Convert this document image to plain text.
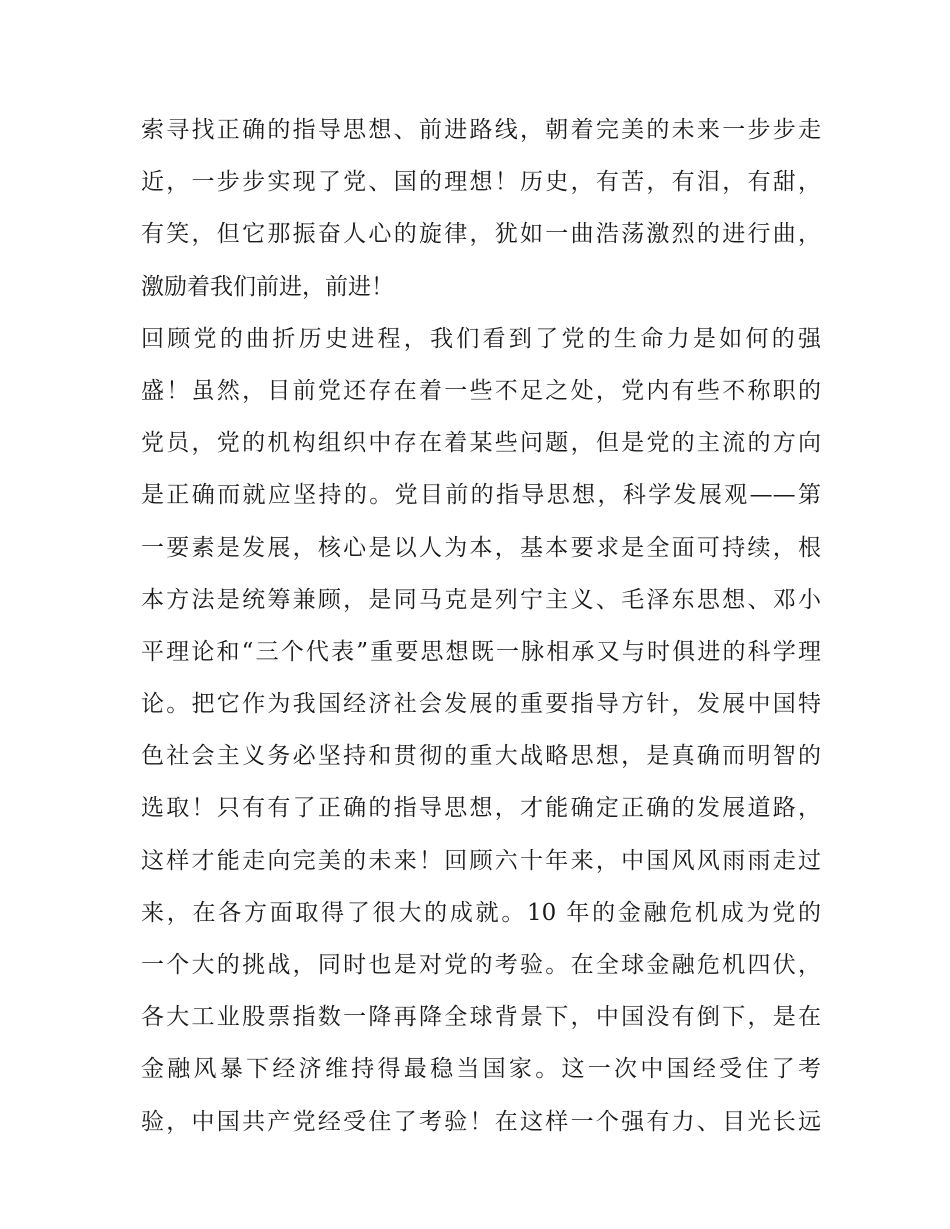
索寻找正确的指导思想、前进路线，朝着完美的未来一步步走
近，一步步实现了党、国的理想！历史，有苦，有泪，有甜，
有笑，但它那振奋人心的旋律，犹如一曲浩荡激烈的进行曲，
激励着我们前进，前进！
回顾党的曲折历史进程，我们看到了党的生命力是如何的强
盛！虽然，目前党还存在着一些不足之处，党内有些不称职的
党员，党的机构组织中存在着某些问题，但是党的主流的方向
是正确而就应坚持的。党目前的指导思想，科学发展观——第
一要素是发展，核心是以人为本，基本要求是全面可持续，根
本方法是统筹兼顾，是同马克是列宁主义、毛泽东思想、邓小
平理论和“三个代表”重要思想既一脉相承又与时俱进的科学理
论。把它作为我国经济社会发展的重要指导方针，发展中国特
色社会主义务必坚持和贯彻的重大战略思想，是真确而明智的
选取！只有有了正确的指导思想，才能确定正确的发展道路，
这样才能走向完美的未来！回顾六十年来，中国风风雨雨走过
来，在各方面取得了很大的成就。10 年的金融危机成为党的
一个大的挑战，同时也是对党的考验。在全球金融危机四伏，
各大工业股票指数一降再降全球背景下，中国没有倒下，是在
金融风暴下经济维持得最稳当国家。这一次中国经受住了考
验，中国共产党经受住了考验！在这样一个强有力、目光长远
